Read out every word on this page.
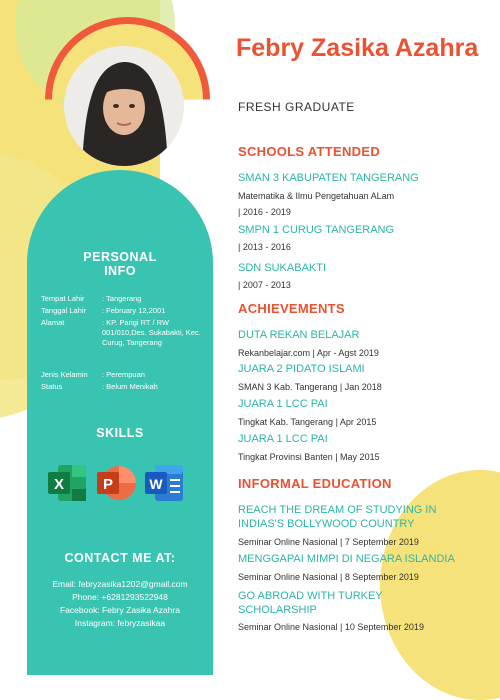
PERSONAL
INFO
Tempat Lahir	: Tangerang
Tanggal Lahir	: February 12,2001
Alamat	: KP. Parigi RT / RW 001/010,Des. Sukabakti, Kec. Curug, Tangerang
Jenis Kelamin	: Perempuan
Status	: Belum Menikah
SKILLS
X	P	W
CONTACT ME AT:
Email: febryzasika1202@gmail.com
Phone: +6281293522948
Facebook: Febry Zasika Azahra
Instagram: febryzasikaa
Febry Zasika Azahra
FRESH GRADUATE
SCHOOLS ATTENDED
SMAN 3 KABUPATEN TANGERANG
Matematika & Ilmu Pengetahuan ALam
| 2016 - 2019
SMPN 1 CURUG TANGERANG
| 2013 - 2016
SDN SUKABAKTI
| 2007 - 2013
ACHIEVEMENTS
DUTA REKAN BELAJAR
Rekanbelajar.com | Apr - Agst 2019
JUARA 2 PIDATO ISLAMI
SMAN 3 Kab. Tangerang | Jan 2018
JUARA 1 LCC PAI
Tingkat Kab. Tangerang | Apr 2015
JUARA 1 LCC PAI
Tingkat Provinsi Banten | May 2015
INFORMAL EDUCATION
REACH THE DREAM OF STUDYING IN INDIAS'S BOLLYWOOD COUNTRY
Seminar Online Nasional | 7 September 2019
MENGGAPAI MIMPI DI NEGARA ISLANDIA
Seminar Online Nasional | 8 September 2019
GO ABROAD WITH TURKEY SCHOLARSHIP
Seminar Online Nasional | 10 September 2019
